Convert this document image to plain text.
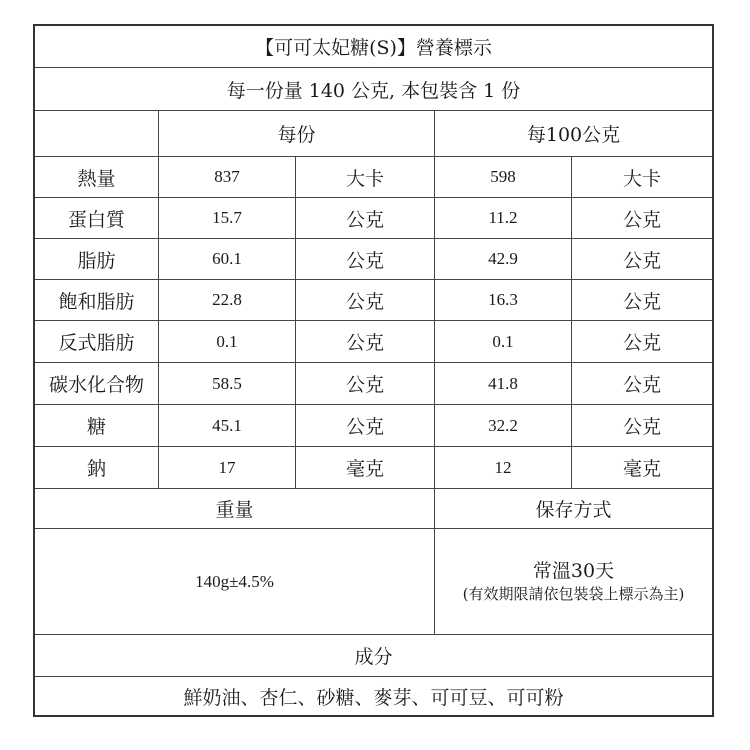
【可可太妃糖(S)】營養標示
每一份量 140 公克, 本包裝含 1 份
每份	每100公克
熱量	837	大卡	598	大卡
蛋白質	15.7	公克	11.2	公克
脂肪	60.1	公克	42.9	公克
飽和脂肪	22.8	公克	16.3	公克
反式脂肪	0.1	公克	0.1	公克
碳水化合物	58.5	公克	41.8	公克
糖	45.1	公克	32.2	公克
鈉	17	毫克	12	毫克
重量	保存方式
140g±4.5%	常溫30天
(有效期限請依包裝袋上標示為主)
成分
鮮奶油、杏仁、砂糖、麥芽、可可豆、可可粉
